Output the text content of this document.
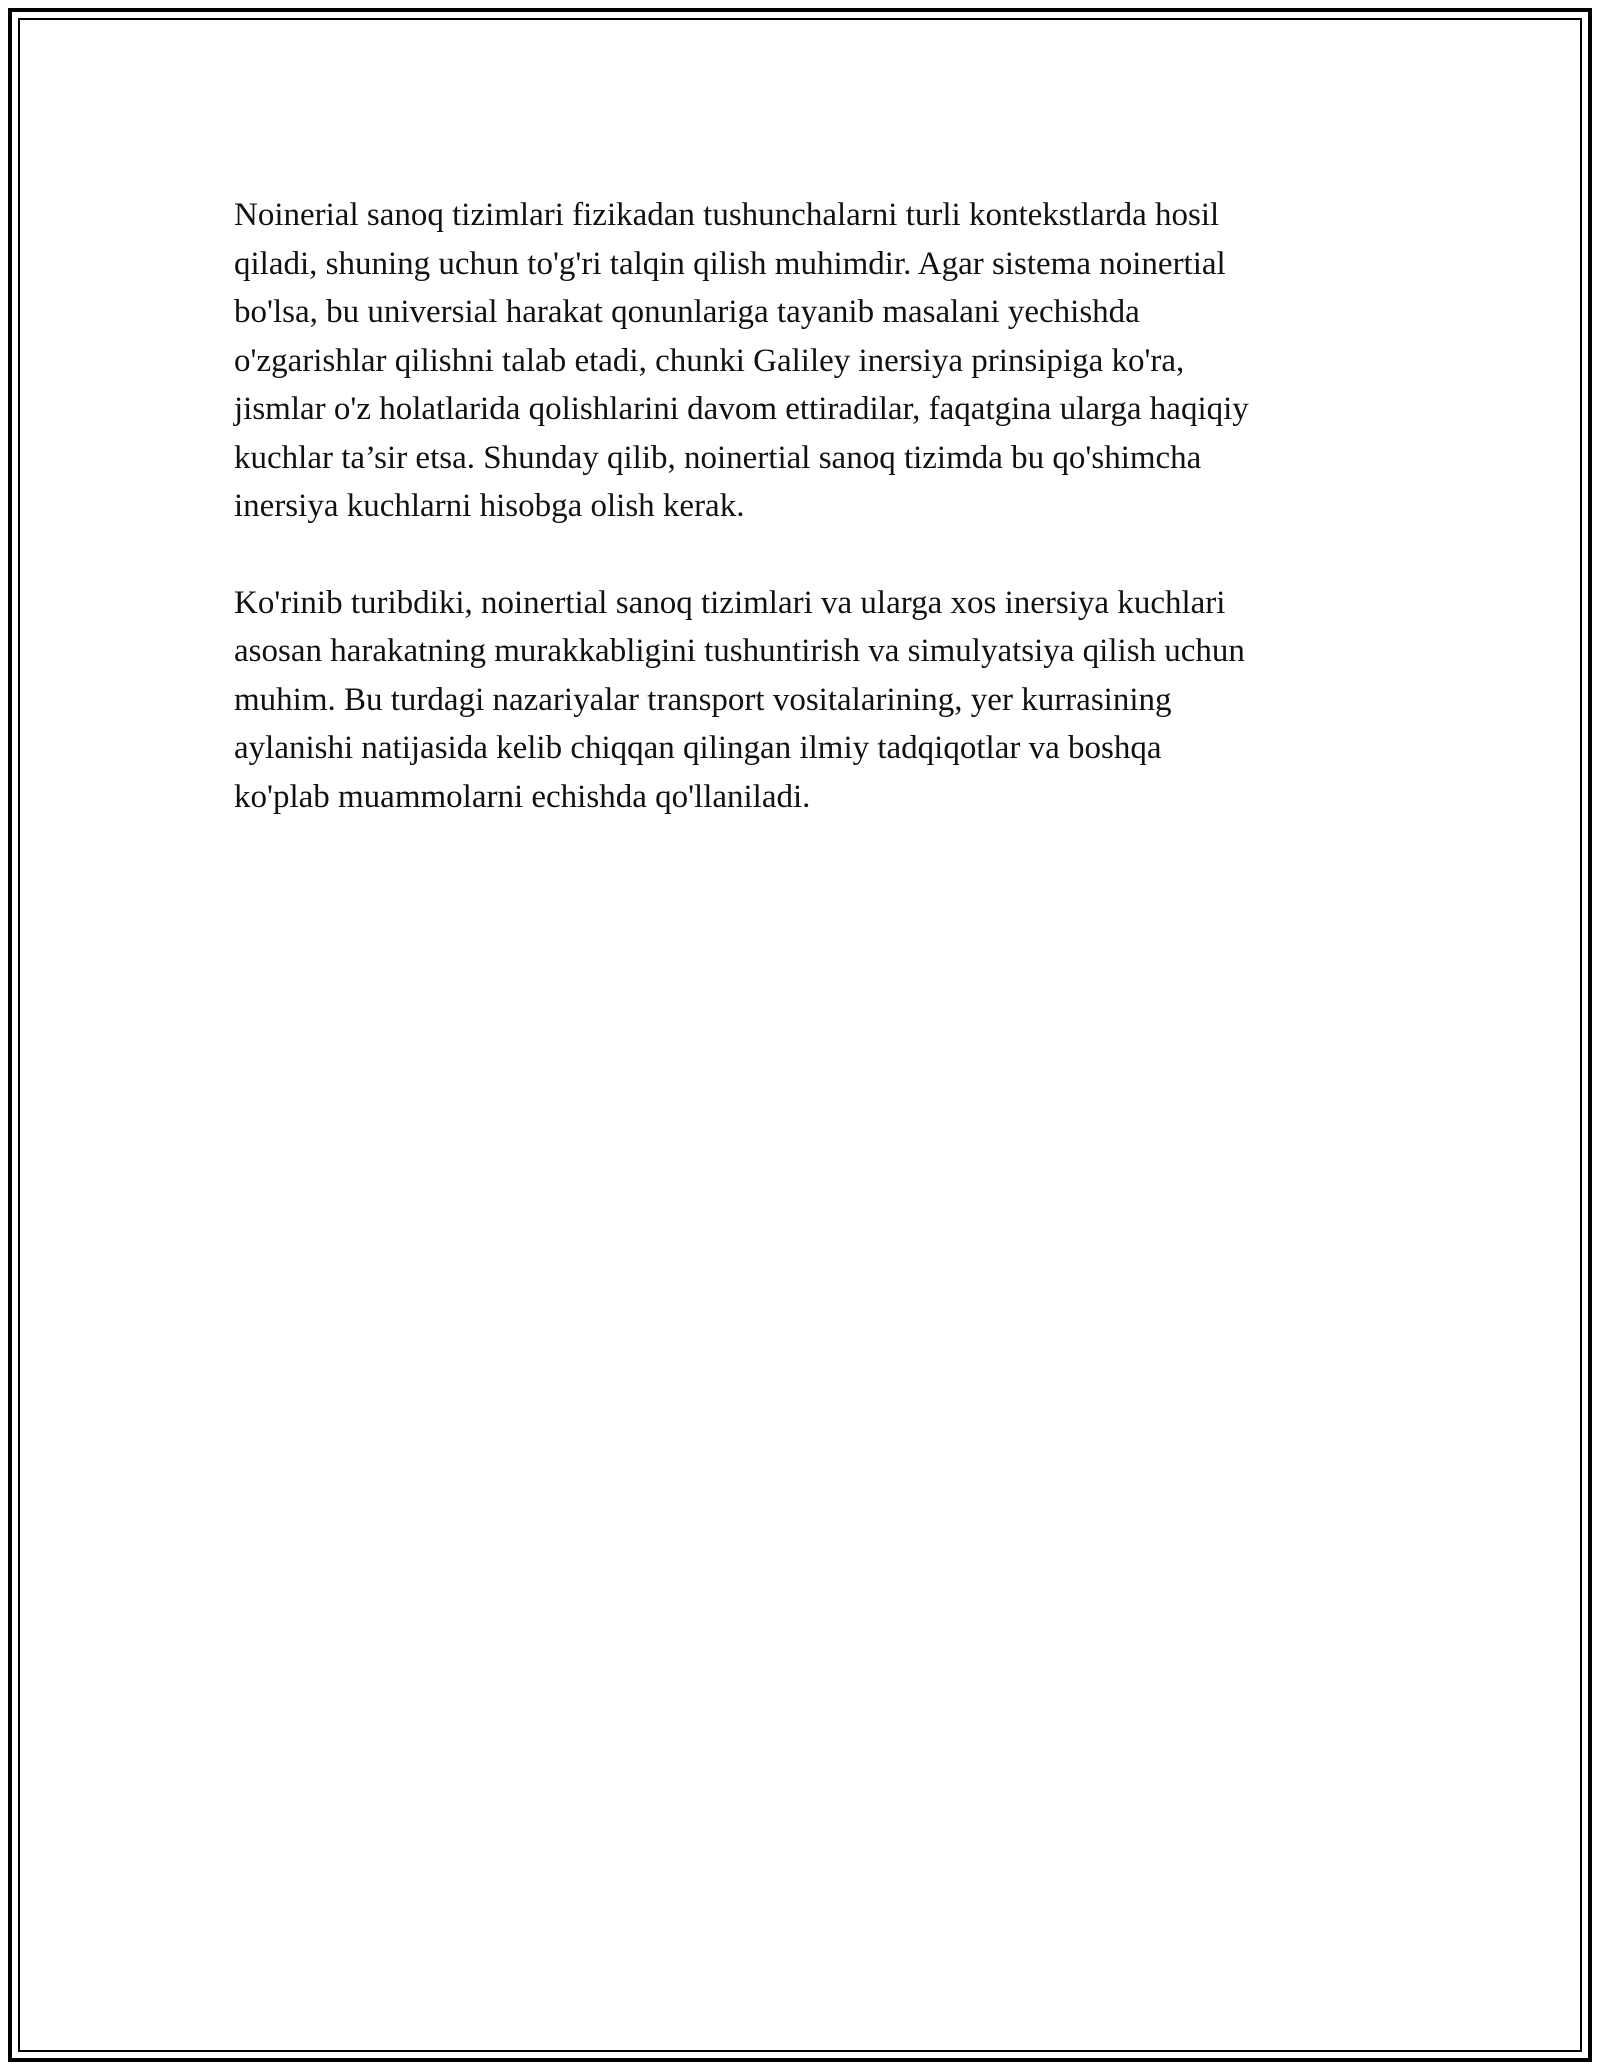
Noinerial sanoq tizimlari fizikadan tushunchalarni turli kontekstlarda hosil
qiladi, shuning uchun to'g'ri talqin qilish muhimdir. Agar sistema noinertial
bo'lsa, bu universial harakat qonunlariga tayanib masalani yechishda
o'zgarishlar qilishni talab etadi, chunki Galiley inersiya prinsipiga ko'ra,
jismlar o'z holatlarida qolishlarini davom ettiradilar, faqatgina ularga haqiqiy
kuchlar ta’sir etsa. Shunday qilib, noinertial sanoq tizimda bu qo'shimcha
inersiya kuchlarni hisobga olish kerak.

Ko'rinib turibdiki, noinertial sanoq tizimlari va ularga xos inersiya kuchlari
asosan harakatning murakkabligini tushuntirish va simulyatsiya qilish uchun
muhim. Bu turdagi nazariyalar transport vositalarining, yer kurrasining
aylanishi natijasida kelib chiqqan qilingan ilmiy tadqiqotlar va boshqa
ko'plab muammolarni echishda qo'llaniladi.
